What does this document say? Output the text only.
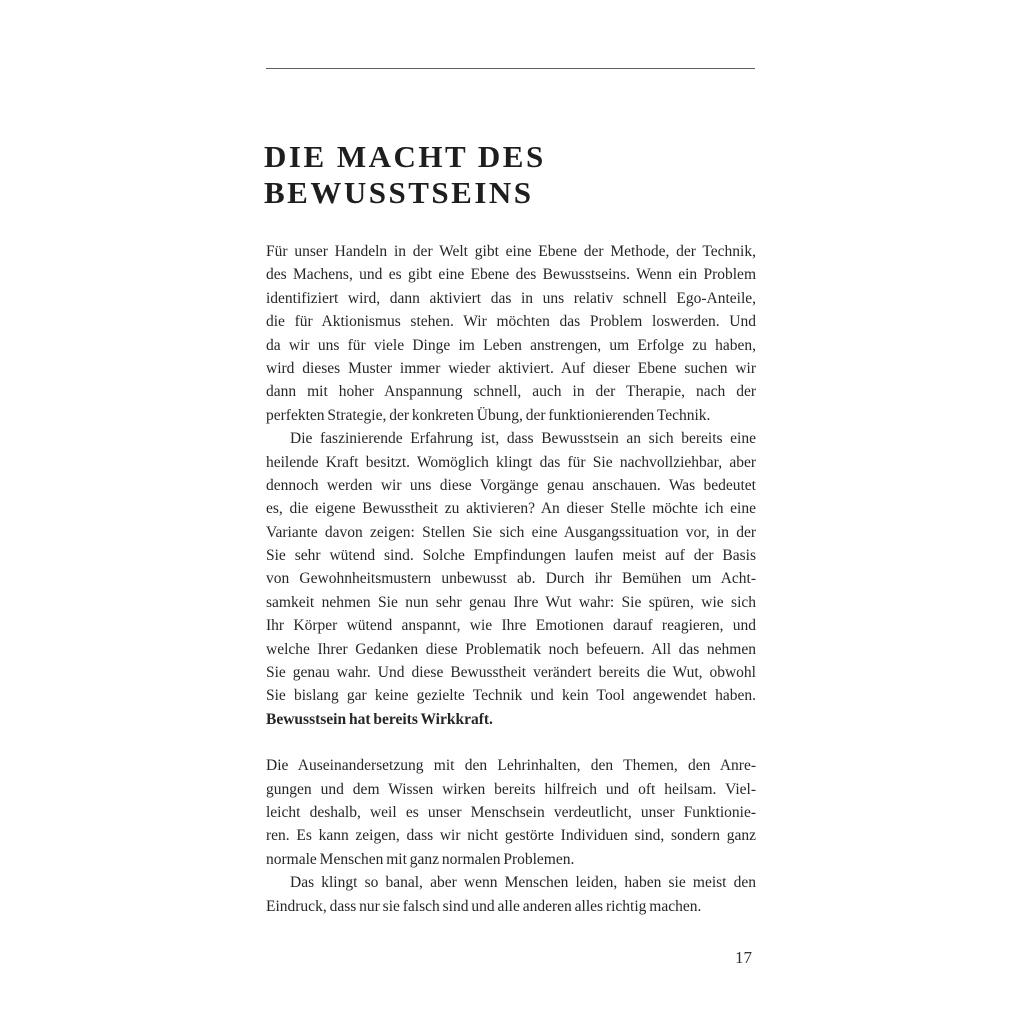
DIE MACHT DES
BEWUSSTSEINS
Für unser Handeln in der Welt gibt eine Ebene der Methode, der Technik,
des Machens, und es gibt eine Ebene des Bewusstseins. Wenn ein Problem
identifiziert wird, dann aktiviert das in uns relativ schnell Ego-Anteile,
die für Aktionismus stehen. Wir möchten das Problem loswerden. Und
da wir uns für viele Dinge im Leben anstrengen, um Erfolge zu haben,
wird dieses Muster immer wieder aktiviert. Auf dieser Ebene suchen wir
dann mit hoher Anspannung schnell, auch in der Therapie, nach der
perfekten Strategie, der konkreten Übung, der funktionierenden Technik.
Die faszinierende Erfahrung ist, dass Bewusstsein an sich bereits eine
heilende Kraft besitzt. Womöglich klingt das für Sie nachvollziehbar, aber
dennoch werden wir uns diese Vorgänge genau anschauen. Was bedeutet
es, die eigene Bewusstheit zu aktivieren? An dieser Stelle möchte ich eine
Variante davon zeigen: Stellen Sie sich eine Ausgangssituation vor, in der
Sie sehr wütend sind. Solche Empfindungen laufen meist auf der Basis
von Gewohnheitsmustern unbewusst ab. Durch ihr Bemühen um Acht-
samkeit nehmen Sie nun sehr genau Ihre Wut wahr: Sie spüren, wie sich
Ihr Körper wütend anspannt, wie Ihre Emotionen darauf reagieren, und
welche Ihrer Gedanken diese Problematik noch befeuern. All das nehmen
Sie genau wahr. Und diese Bewusstheit verändert bereits die Wut, obwohl
Sie bislang gar keine gezielte Technik und kein Tool angewendet haben.
Bewusstsein hat bereits Wirkkraft.
Die Auseinandersetzung mit den Lehrinhalten, den Themen, den Anre-
gungen und dem Wissen wirken bereits hilfreich und oft heilsam. Viel-
leicht deshalb, weil es unser Menschsein verdeutlicht, unser Funktionie-
ren. Es kann zeigen, dass wir nicht gestörte Individuen sind, sondern ganz
normale Menschen mit ganz normalen Problemen.
Das klingt so banal, aber wenn Menschen leiden, haben sie meist den
Eindruck, dass nur sie falsch sind und alle anderen alles richtig machen.
17
